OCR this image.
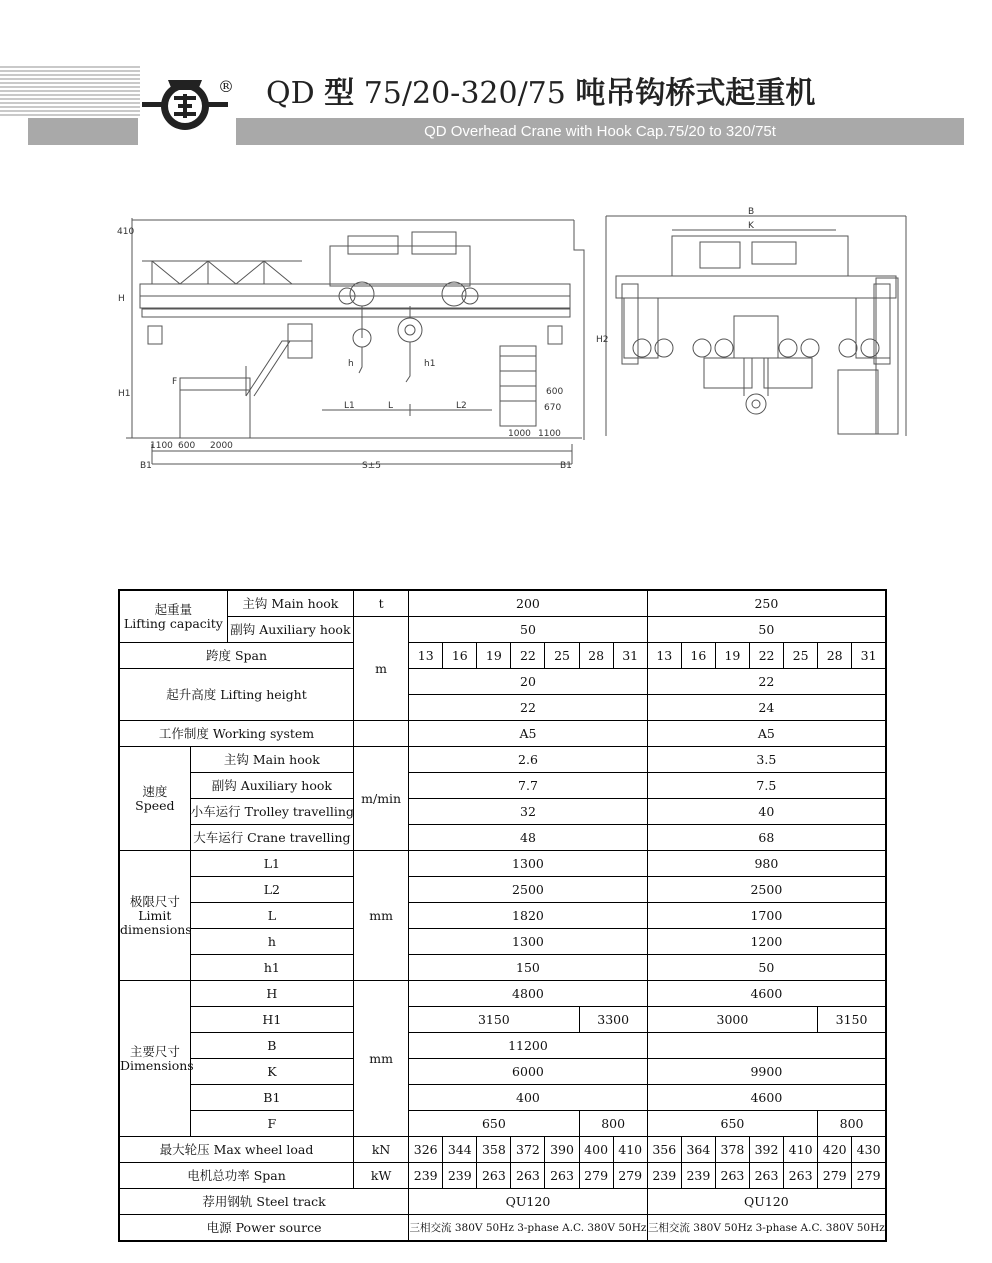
QD Overhead Crane with Hook Cap.75/20 to 320/75t
® QD 型 75/20-320/75 吨吊钩桥式起重机
410
H
H1
F
h	h1
L1	L	L2
1100 600 2000
1000 1100
600
670
B1	B1
S±5
B
K
H2
起重量
Lifting capacity		主钩 Main hook	t	200							250						
		副钩 Auxiliary hook	m	50							50						
跨度 Span				13	16	19	22	25	28	31	13	16	19	22	25	28	31
起升高度 Lifting height				20							22						
				22							24						
工作制度 Working system				A5							A5						

速度
Speed	主钩 Main hook		m/min	2.6							3.5						
	副钩 Auxiliary hook			7.7							7.5						
	小车运行 Trolley travelling			32							40						
	大车运行 Crane travelling			48							68						

极限尺寸
Limit
dimensions	L1		mm	1300							980						
	L2			2500							2500						
	L			1820							1700						
	h			1300							1200						
	h1			150							50						

主要尺寸
Dimensions	H		mm	4800							4600						
	H1			3150					3300		3000					3150	
	B			11200													
	K			6000							9900						
	B1			400							4600						
	F			650					800		650					800	
最大轮压 Max wheel load			kN	326	344	358	372	390	400	410	356	364	378	392	410	420	430
电机总功率 Span			kW	239	239	263	263	263	279	279	239	239	263	263	263	279	279
荐用钢轨 Steel track				QU120							QU120						
电源 Power source				三相交流 380V 50Hz 3-phase A.C. 380V 50Hz							三相交流 380V 50Hz 3-phase A.C. 380V 50Hz						
